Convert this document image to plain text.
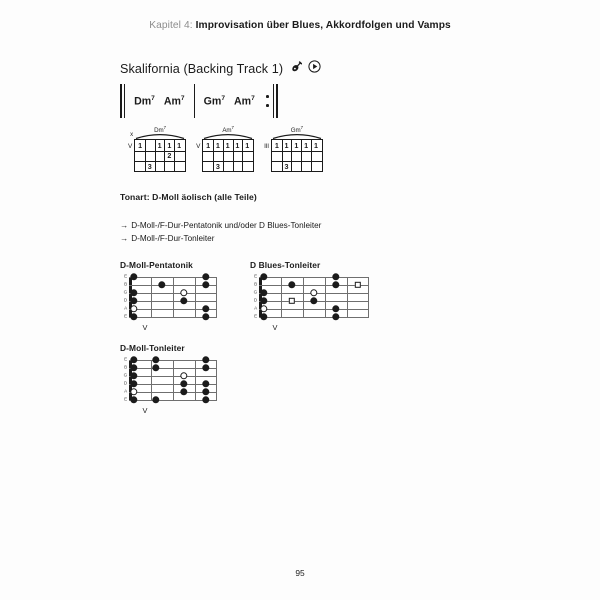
Kapitel 4: Improvisation über Blues, Akkordfolgen und Vamps
Skalifornia (Backing Track 1)
Dm$^7$ Am$^7$ Gm$^7$ Am$^7$
V
Dm$^7$
x
1 1 1 1
2
3
V
Am$^7$
1 1 1 1 1
3
III
Gm$^7$
1 1 1 1 1
3
Tonart: D-Moll äolisch (alle Teile)
→ D-Moll-/F-Dur-Pentatonik und/oder D Blues-Tonleiter
→ D-Moll-/F-Dur-Tonleiter
D-Moll-Pentatonik
E
B
G
D
A
E
V
D Blues-Tonleiter
E
B
G
D
A
E
V
D-Moll-Tonleiter
E
B
G
D
A
E
V
95
